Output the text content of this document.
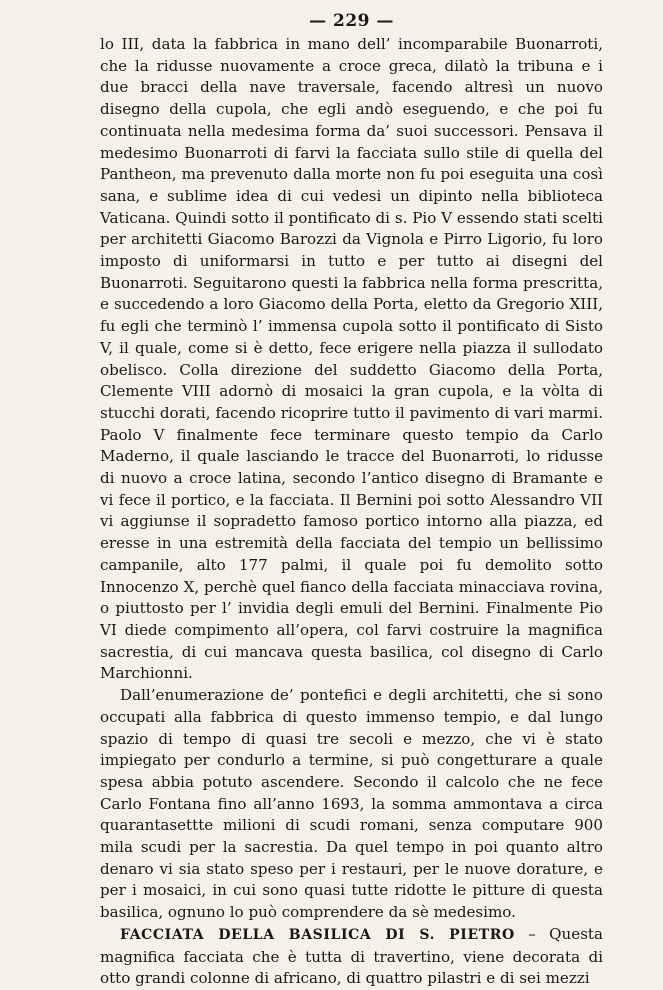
— 229 —

lo III, data la fabbrica in mano dell’ incomparabile Buonarroti, che la ridusse nuovamente a croce greca, dilatò la tribuna e i due bracci della nave traversale, facendo altresì un nuovo disegno della cupola, che egli andò eseguendo, e che poi fu continuata nella medesima forma da’ suoi successori. Pensava il medesimo Buonarroti di farvi la facciata sullo stile di quella del Pantheon, ma prevenuto dalla morte non fu poi eseguita una così sana, e sublime idea di cui vedesi un dipinto nella biblioteca Vaticana. Quindi sotto il pontificato di s. Pio V essendo stati scelti per architetti Giacomo Barozzi da Vignola e Pirro Ligorio, fu loro imposto di uniformarsi in tutto e per tutto ai disegni del Buonarroti. Seguitarono questi la fabbrica nella forma prescritta, e succedendo a loro Giacomo della Porta, eletto da Gregorio XIII, fu egli che terminò l’ immensa cupola sotto il pontificato di Sisto V, il quale, come si è detto, fece erigere nella piazza il sullodato obelisco. Colla direzione del suddetto Giacomo della Porta, Clemente VIII adornò di mosaici la gran cupola, e la vòlta di stucchi dorati, facendo ricoprire tutto il pavimento di vari marmi. Paolo V finalmente fece terminare questo tempio da Carlo Maderno, il quale lasciando le tracce del Buonarroti, lo ridusse di nuovo a croce latina, secondo l’antico disegno di Bramante e vi fece il portico, e la facciata. Il Bernini poi sotto Alessandro VII vi aggiunse il sopradetto famoso portico intorno alla piazza, ed eresse in una estremità della facciata del tempio un bellissimo campanile, alto 177 palmi, il quale poi fu demolito sotto Innocenzo X, perchè quel fianco della facciata minacciava rovina, o piuttosto per l’ invidia degli emuli del Bernini. Finalmente Pio VI diede compimento all’opera, col farvi costruire la magnifica sacrestia, di cui mancava questa basilica, col disegno di Carlo Marchionni.

Dall’enumerazione de’ pontefici e degli architetti, che si sono occupati alla fabbrica di questo immenso tempio, e dal lungo spazio di tempo di quasi tre secoli e mezzo, che vi è stato impiegato per condurlo a termine, si può congetturare a quale spesa abbia potuto ascendere. Secondo il calcolo che ne fece Carlo Fontana fino all’anno 1693, la somma ammontava a circa quarantasettte milioni di scudi romani, senza computare 900 mila scudi per la sacrestia. Da quel tempo in poi quanto altro denaro vi sia stato speso per i restauri, per le nuove dorature, e per i mosaici, in cui sono quasi tutte ridotte le pitture di questa basilica, ognuno lo può comprendere da sè medesimo.

FACCIATA DELLA BASILICA DI S. PIETRO – Questa magnifica facciata che è tutta di travertino, viene decorata di otto grandi colonne di africano, di quattro pilastri e di sei mezzi
